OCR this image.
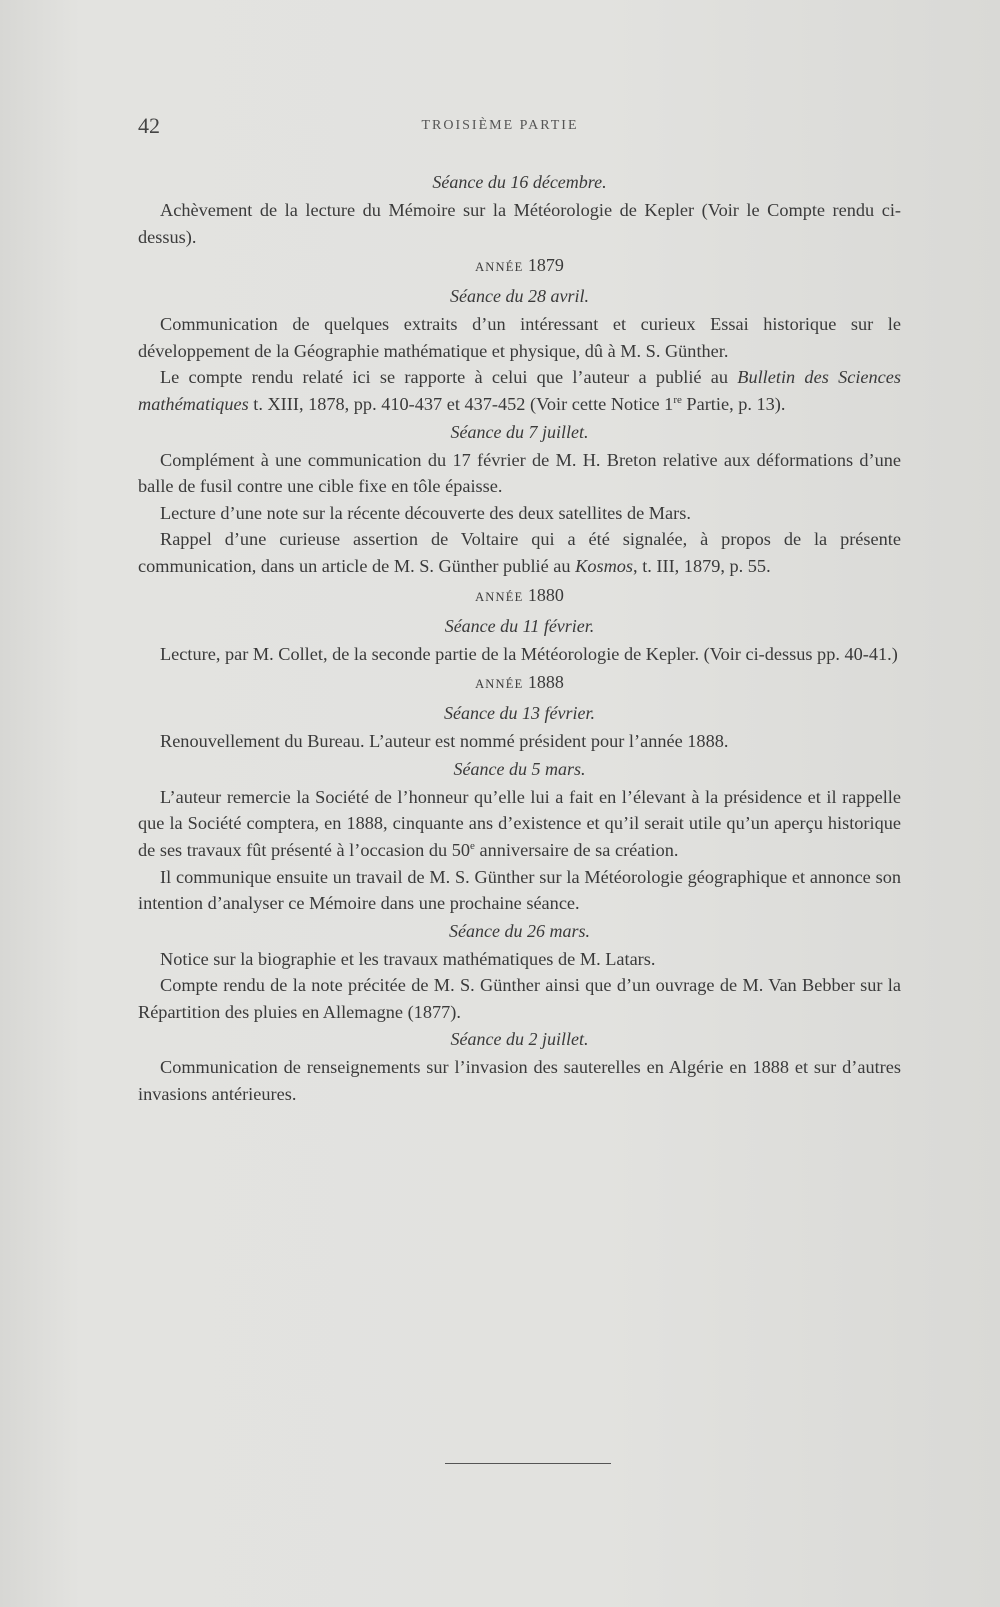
42	TROISIÈME PARTIE
Séance du 16 décembre.

Achèvement de la lecture du Mémoire sur la Météorologie de Kepler (Voir le Compte rendu ci-dessus).

ANNÉE 1879
Séance du 28 avril.

Communication de quelques extraits d’un intéressant et curieux Essai historique sur le développement de la Géographie mathématique et physique, dû à M. S. Günther.

Le compte rendu relaté ici se rapporte à celui que l’auteur a publié au Bulletin des Sciences mathématiques t. XIII, 1878, pp. 410-437 et 437-452 (Voir cette Notice 1re Partie, p. 13).

Séance du 7 juillet.

Complément à une communication du 17 février de M. H. Breton relative aux déformations d’une balle de fusil contre une cible fixe en tôle épaisse.

Lecture d’une note sur la récente découverte des deux satellites de Mars.

Rappel d’une curieuse assertion de Voltaire qui a été signalée, à propos de la présente communication, dans un article de M. S. Günther publié au Kosmos, t. III, 1879, p. 55.

ANNÉE 1880
Séance du 11 février.

Lecture, par M. Collet, de la seconde partie de la Météorologie de Kepler. (Voir ci-dessus pp. 40-41.)

ANNÉE 1888
Séance du 13 février.

Renouvellement du Bureau. L’auteur est nommé président pour l’année 1888.

Séance du 5 mars.

L’auteur remercie la Société de l’honneur qu’elle lui a fait en l’élevant à la présidence et il rappelle que la Société comptera, en 1888, cinquante ans d’existence et qu’il serait utile qu’un aperçu historique de ses travaux fût présenté à l’occasion du 50e anniversaire de sa création.

Il communique ensuite un travail de M. S. Günther sur la Météorologie géographique et annonce son intention d’analyser ce Mémoire dans une prochaine séance.

Séance du 26 mars.

Notice sur la biographie et les travaux mathématiques de M. Latars.

Compte rendu de la note précitée de M. S. Günther ainsi que d’un ouvrage de M. Van Bebber sur la Répartition des pluies en Allemagne (1877).

Séance du 2 juillet.

Communication de renseignements sur l’invasion des sauterelles en Algérie en 1888 et sur d’autres invasions antérieures.
